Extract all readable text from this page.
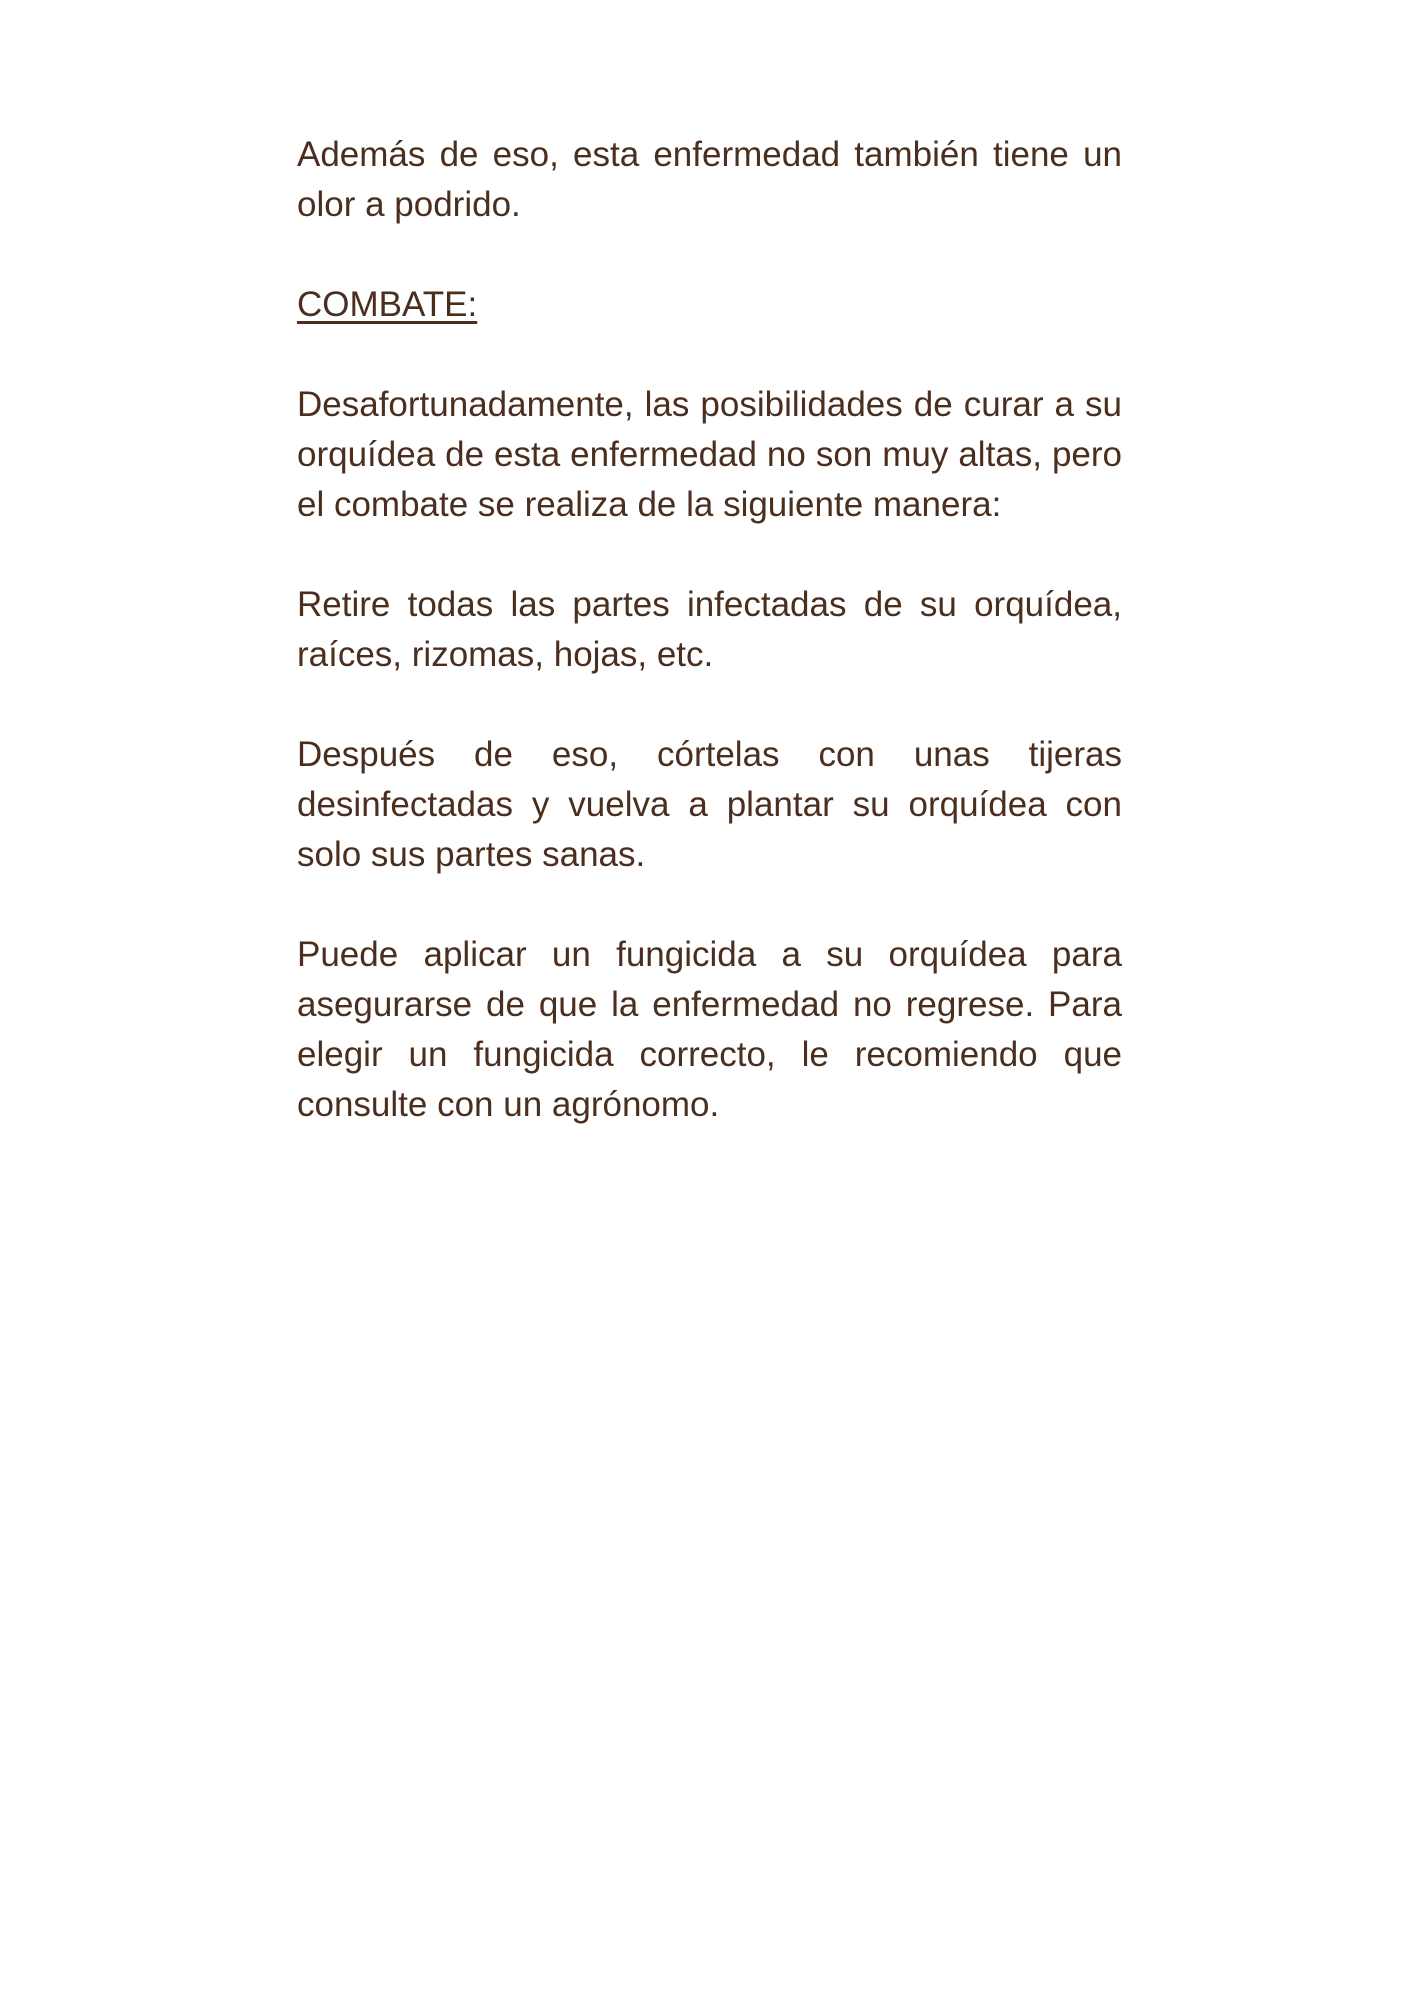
Además de eso, esta enfermedad también tiene un olor a podrido.

COMBATE:

Desafortunadamente, las posibilidades de curar a su orquídea de esta enfermedad no son muy altas, pero el combate se realiza de la siguiente manera:

Retire todas las partes infectadas de su orquídea, raíces, rizomas, hojas, etc.

Después de eso, córtelas con unas tijeras desinfectadas y vuelva a plantar su orquídea con solo sus partes sanas.

Puede aplicar un fungicida a su orquídea para asegurarse de que la enfermedad no regrese. Para elegir un fungicida correcto, le recomiendo que consulte con un agrónomo.
